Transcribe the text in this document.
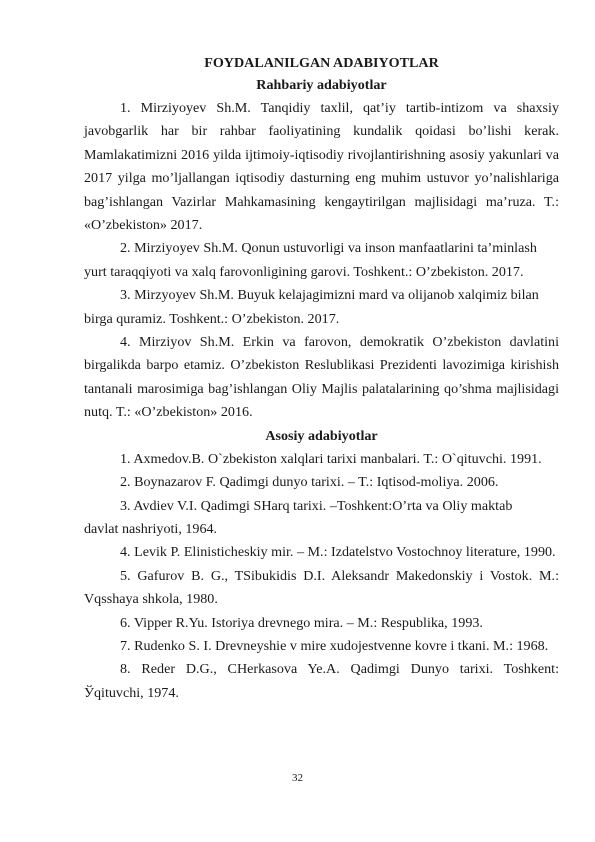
FOYDALANILGAN ADABIYOTLAR

Rahbariy adabiyotlar

1. Mirziyoyev Sh.M. Tanqidiy taxlil, qat’iy tartib-intizom va shaxsiy javobgarlik har bir rahbar faoliyatining kundalik qoidasi bo’lishi kerak. Mamlakatimizni 2016 yilda ijtimoiy-iqtisodiy rivojlantirishning asosiy yakunlari va 2017 yilga mo’ljallangan iqtisodiy dasturning eng muhim ustuvor yo’nalishlariga bag’ishlangan Vazirlar Mahkamasining kengaytirilgan majlisidagi ma’ruza. T.: «O’zbekiston» 2017.

2. Mirziyoyev Sh.M. Qonun ustuvorligi va inson manfaatlarini ta’minlash

yurt taraqqiyoti va xalq farovonligining garovi. Toshkent.: O’zbekiston. 2017.

3. Mirzyoyev Sh.M. Buyuk kelajagimizni mard va olijanob xalqimiz bilan

birga quramiz. Toshkent.: O’zbekiston. 2017.

4. Mirziyov Sh.M. Erkin va farovon, demokratik O’zbekiston davlatini birgalikda barpo etamiz. O’zbekiston Reslublikasi Prezidenti lavozimiga kirishish tantanali marosimiga bag’ishlangan Oliy Majlis palatalarining qo’shma majlisidagi nutq. T.: «O’zbekiston» 2016.

Asosiy adabiyotlar

1. Axmedov.B. O`zbekiston xalqlari tarixi manbalari. T.: O`qituvchi. 1991.

2. Boynazarov F. Qadimgi dunyo tarixi. – T.: Iqtisod-moliya. 2006.

3. Avdiev V.I. Qadimgi SHarq tarixi. –Toshkent:O’rta va Oliy maktab

davlat nashriyoti, 1964.

4. Levik P. Elinisticheskiy mir. – M.: Izdatelstvo Vostochnoy literature, 1990.

5. Gafurov B. G., TSibukidis D.I. Aleksandr Makedonskiy i Vostok. M.: Vqsshaya shkola, 1980.

6. Vipper R.Yu. Istoriya drevnego mira. – M.: Respublika, 1993.

7. Rudenko S. I. Drevneyshie v mire xudojestvenne kovre i tkani. M.: 1968.

8. Reder D.G., CHerkasova Ye.A. Qadimgi Dunyo tarixi. Toshkent: Ўqituvchi, 1974.

32
